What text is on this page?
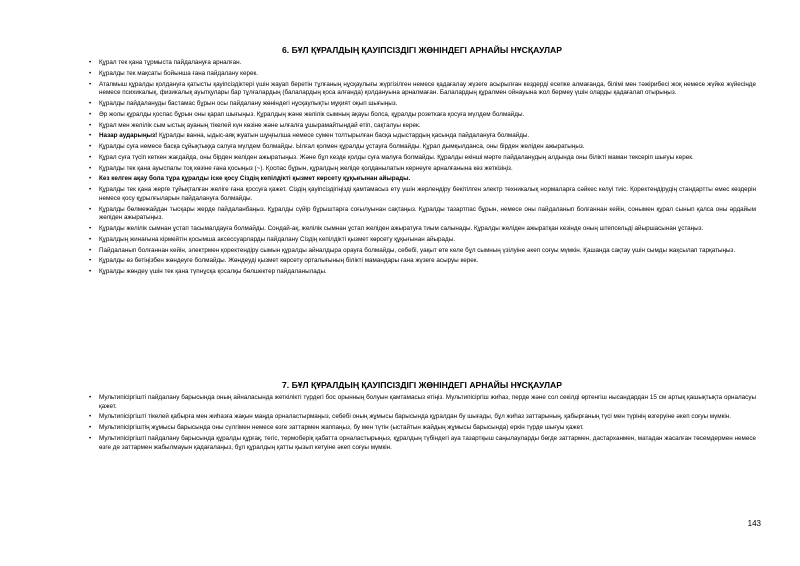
6. БҰЛ ҚҰРАЛДЫҢ ҚАУІПСІЗДІГІ ЖӨНІНДЕГІ АРНАЙЫ НҰСҚАУЛАР
• Құрал тек қана тұрмыста пайдалануға арналған.
• Құралды тек мақсаты бойынша ғана пайдалану керек.
• Аталмыш құралды қолдануға қатысты қауіпсіздіктері үшін жауап беретін тұлғаның нұсқаулығы жүргізілген немесе қадағалау жүзеге асырылған кездерді есепке алмағанда, білімі мен тәжірибесі жоқ немесе жүйке жүйесінде немесе психикалық, физикалық ауытқулары бар тұлғалардың (балалардың қоса алғанда) қолдануына арналмаған. Балалардың құралмен ойнауына жол бермеу үшін оларды қадағалап отырыңыз.
• Құралды пайдалануды бастамас бұрын осы пайдалану жөніндегі нұсқаулықты мұқият оқып шығыңыз.
• Әр жолы құралды қоспас бұрын оны қарап шығыңыз. Құралдың және желілік сымның ақауы болса, құралды розеткаға қосуға мүлдем болмайды.
• Құрал мен желілік сым ыстық ауаның тікелей күн көзіне және ылғалға ұшырамайтындай етіп, сақталуы керек.
• Назар аударыңыз! Құралды ванна, ыдыс-аяқ жуатын шұңғылша немесе сумен толтырылған басқа ыдыстардың қасында пайдалануға болмайды.
• Құралды суға немесе басқа сұйықтыққа салуға мүлдем болмайды. Ылғал қолмен құралды ұстауға болмайды. Құрал дымқылданса, оны бірден желіден ажыратыңыз.
• Құрал суға түсіп кеткен жағдайда, оны бірден желіден ажыратыңыз. Және бұл кезде қолды суға малуға болмайды. Құралды екінші мәрте пайдаланудың алдында оны білікті маман тексеріп шығуы керек.
• Құралды тек қана ауыспалы тоқ көзіне ғана қосыңыз (~). Қоспас бұрын, құралдың желіде қолданылатын кернеуге арналғанына көз жеткізіңіз.
• Кез келген ақау бола тұра құралды іске қосу Сіздің кепілдікті қызмет көрсету құқығынан айырады.
• Құралды тек қана жерге тұйықталған желіге ғана қоссуға қажет. Сіздің қауіпсіздігіңізді қамтамасыз ету үшін жерлендіру бекітілген электр техникалық нормаларға сәйкес келуі тиіс. Қоректендірудің стандартты емес көздерін немесе қосу құрылғыларын пайдалануға болмайды.
• Құралды бөлмежайдан тысқары жерде пайдаланбаңыз. Құралды сүйір бұрыштарға соғылуынан сақтаңыз. Құралды тазартпас бұрын, немесе оны пайдаланып болғаннан кейін, сонымен құрал сынып қалса оны әрдайым желіден ажыратыңыз.
• Құралды желілік сымнан ұстап тасымалдауға болмайды. Сондай-ақ, желілік сымнан ұстап желіден ажыратуға тиым салынады. Құралды желіден ажыратқан кезінде оның штепсельді айыршасынан ұстаңыз.
• Құралдың жинағына кірмейтін қосымша аксессуарларды пайдалану Сіздің кепілдікті қызмет көрсету құқығынан айырады.
• Пайдаланып болғаннан кейін, электрмен қоректендіру сымын құралды айналдыра орауға болмайды, себебі, уақыт өте келе бұл сымның үзілуіне әкеп соғуы мүмкін. Қашанда сақтау үшін сымды жақсылап тарқатыңыз.
• Құралды өз бетіңізбен жөндеуге болмайды. Жөндеуді қызмет көрсету орталығының білікті мамандары ғана жүзеге асыруы керек.
• Құралды жөндеу үшін тек қана түпнұсқа қосалқы бөлшектер пайдаланылады.
7. БҰЛ ҚҰРАЛДЫҢ ҚАУІПСІЗДІГІ ЖӨНІНДЕГІ АРНАЙЫ НҰСҚАУЛАР
• Мультипісіргішті пайдалану барысында оның айналасында жеткілікті түрдегі бос орынның болуын қамтамасыз етіңіз. Мультипісіргіш жиһаз, перде және сол секілді өртенгіш нысандардан 15 см артық қашықтықта орналасуы қажет.
• Мультипісіргішті тікелей қабырға мен жиһазға жақын маңда орналастырмаңыз, себебі оның жұмысы барысында құралдан бу шығады, бұл жиһаз заттарының, қабырғаның түсі мен түрінің өзгеруіне әкеп соғуы мүмкін.
• Мультипісіргіштің жұмысы барысында оны сүлгімен немесе өзге заттармен жаппаңыз, бу мен түтін (ыстайтын жайдың жұмысы барысында) еркін түрде шығуы қажет.
• Мультипісіргішті пайдалану барысында құралды құрғақ, тегіс, термоберіқ қабатта орналастырыңыз, құралдың түбіндегі ауа тазартқыш саңылауларды бөгде заттармен, дастарханмен, матадан жасалған төсемдермен немесе өзге де заттармен жабылмауын қадағалаңыз, бұл құралдың қатты қызып кетуіне әкеп соғуы мүмкін.
143
